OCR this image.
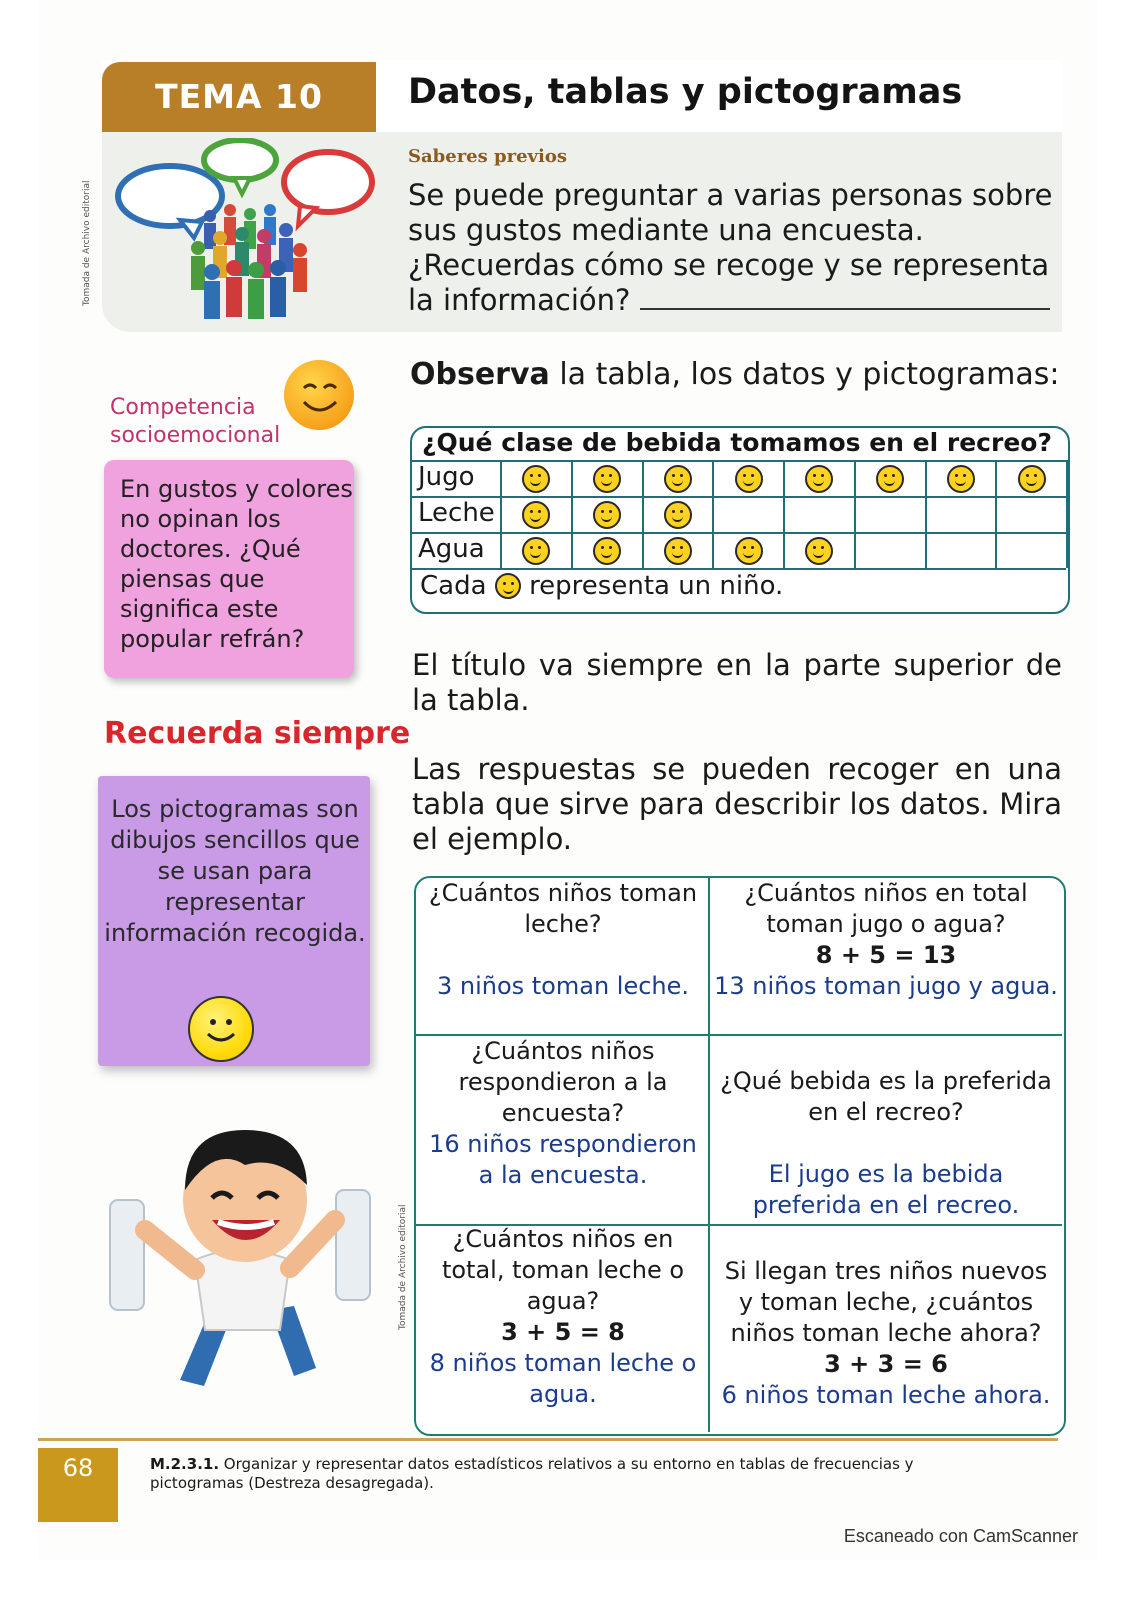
TEMA 10	Datos, tablas y pictogramas
Tomada de Archivo editorial
Saberes previos
Se puede preguntar a varias personas sobre sus gustos mediante una encuesta. ¿Recuerdas cómo se recoge y se representa la información?
Competencia socioemocional
En gustos y colores no opinan los doctores. ¿Qué piensas que significa este popular refrán?
Recuerda siempre
Los pictogramas son dibujos sencillos que se usan para representar información recogida.
Tomada de Archivo editorial
Observa la tabla, los datos y pictogramas:
¿Qué clase de bebida tomamos en el recreo?
Jugo
Leche
Agua
Cada representa un niño.
El título va siempre en la parte superior de la tabla.
Las respuestas se pueden recoger en una tabla que sirve para describir los datos. Mira el ejemplo.
¿Cuántos niños toman leche?
3 niños toman leche.
¿Cuántos niños en total toman jugo o agua?
8 + 5 = 13
13 niños toman jugo y agua.
¿Cuántos niños respondieron a la encuesta?
16 niños respondieron a la encuesta.
¿Qué bebida es la preferida en el recreo?
El jugo es la bebida preferida en el recreo.
¿Cuántos niños en total, toman leche o agua?
3 + 5 = 8
8 niños toman leche o agua.
Si llegan tres niños nuevos y toman leche, ¿cuántos niños toman leche ahora?
3 + 3 = 6
6 niños toman leche ahora.
68	M.2.3.1. Organizar y representar datos estadísticos relativos a su entorno en tablas de frecuencias y pictogramas (Destreza desagregada).
Escaneado con CamScanner
